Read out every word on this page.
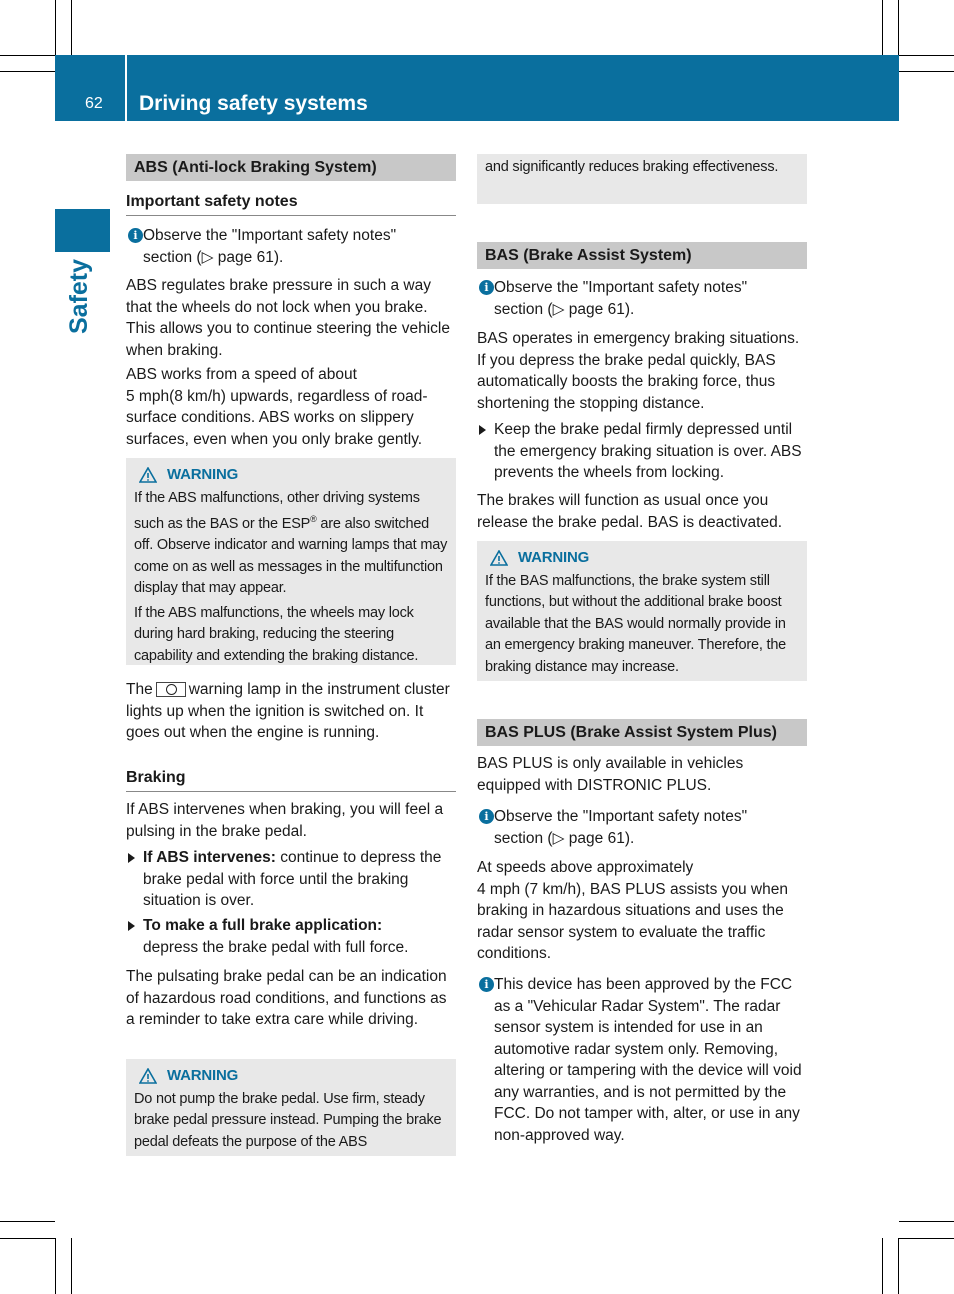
62 Driving safety systems
Safety
ABS (Anti-lock Braking System)
Important safety notes
i Observe the "Important safety notes"
section (▷ page 61).

ABS regulates brake pressure in such a way that the wheels do not lock when you brake. This allows you to continue steering the vehicle when braking.

ABS works from a speed of about
5 mph(8 km/h) upwards, regardless of road-surface conditions. ABS works on slippery surfaces, even when you only brake gently.
WARNING

If the ABS malfunctions, other driving systems such as the BAS or the ESP® are also switched off. Observe indicator and warning lamps that may come on as well as messages in the multifunction display that may appear.

If the ABS malfunctions, the wheels may lock during hard braking, reducing the steering capability and extending the braking distance.

The warning lamp in the instrument cluster lights up when the ignition is switched on. It goes out when the engine is running.
Braking

If ABS intervenes when braking, you will feel a pulsing in the brake pedal.

If ABS intervenes: continue to depress the brake pedal with force until the braking situation is over.
To make a full brake application:
depress the brake pedal with full force.

The pulsating brake pedal can be an indication of hazardous road conditions, and functions as a reminder to take extra care while driving.

WARNING

Do not pump the brake pedal. Use firm, steady brake pedal pressure instead. Pumping the brake pedal defeats the purpose of the ABS

and significantly reduces braking effectiveness.

BAS (Brake Assist System)
i Observe the "Important safety notes"
section (▷ page 61).

BAS operates in emergency braking situations. If you depress the brake pedal quickly, BAS automatically boosts the braking force, thus shortening the stopping distance.

Keep the brake pedal firmly depressed until the emergency braking situation is over. ABS prevents the wheels from locking.

The brakes will function as usual once you release the brake pedal. BAS is deactivated.

WARNING

If the BAS malfunctions, the brake system still functions, but without the additional brake boost available that the BAS would normally provide in an emergency braking maneuver. Therefore, the braking distance may increase.

BAS PLUS (Brake Assist System Plus)

BAS PLUS is only available in vehicles equipped with DISTRONIC PLUS.

i Observe the "Important safety notes"
section (▷ page 61).
At speeds above approximately
4 mph (7 km/h), BAS PLUS assists you when braking in hazardous situations and uses the radar sensor system to evaluate the traffic conditions.
i This device has been approved by the FCC as a "Vehicular Radar System". The radar sensor system is intended for use in an automotive radar system only. Removing, altering or tampering with the device will void any warranties, and is not permitted by the FCC. Do not tamper with, alter, or use in any non-approved way.
